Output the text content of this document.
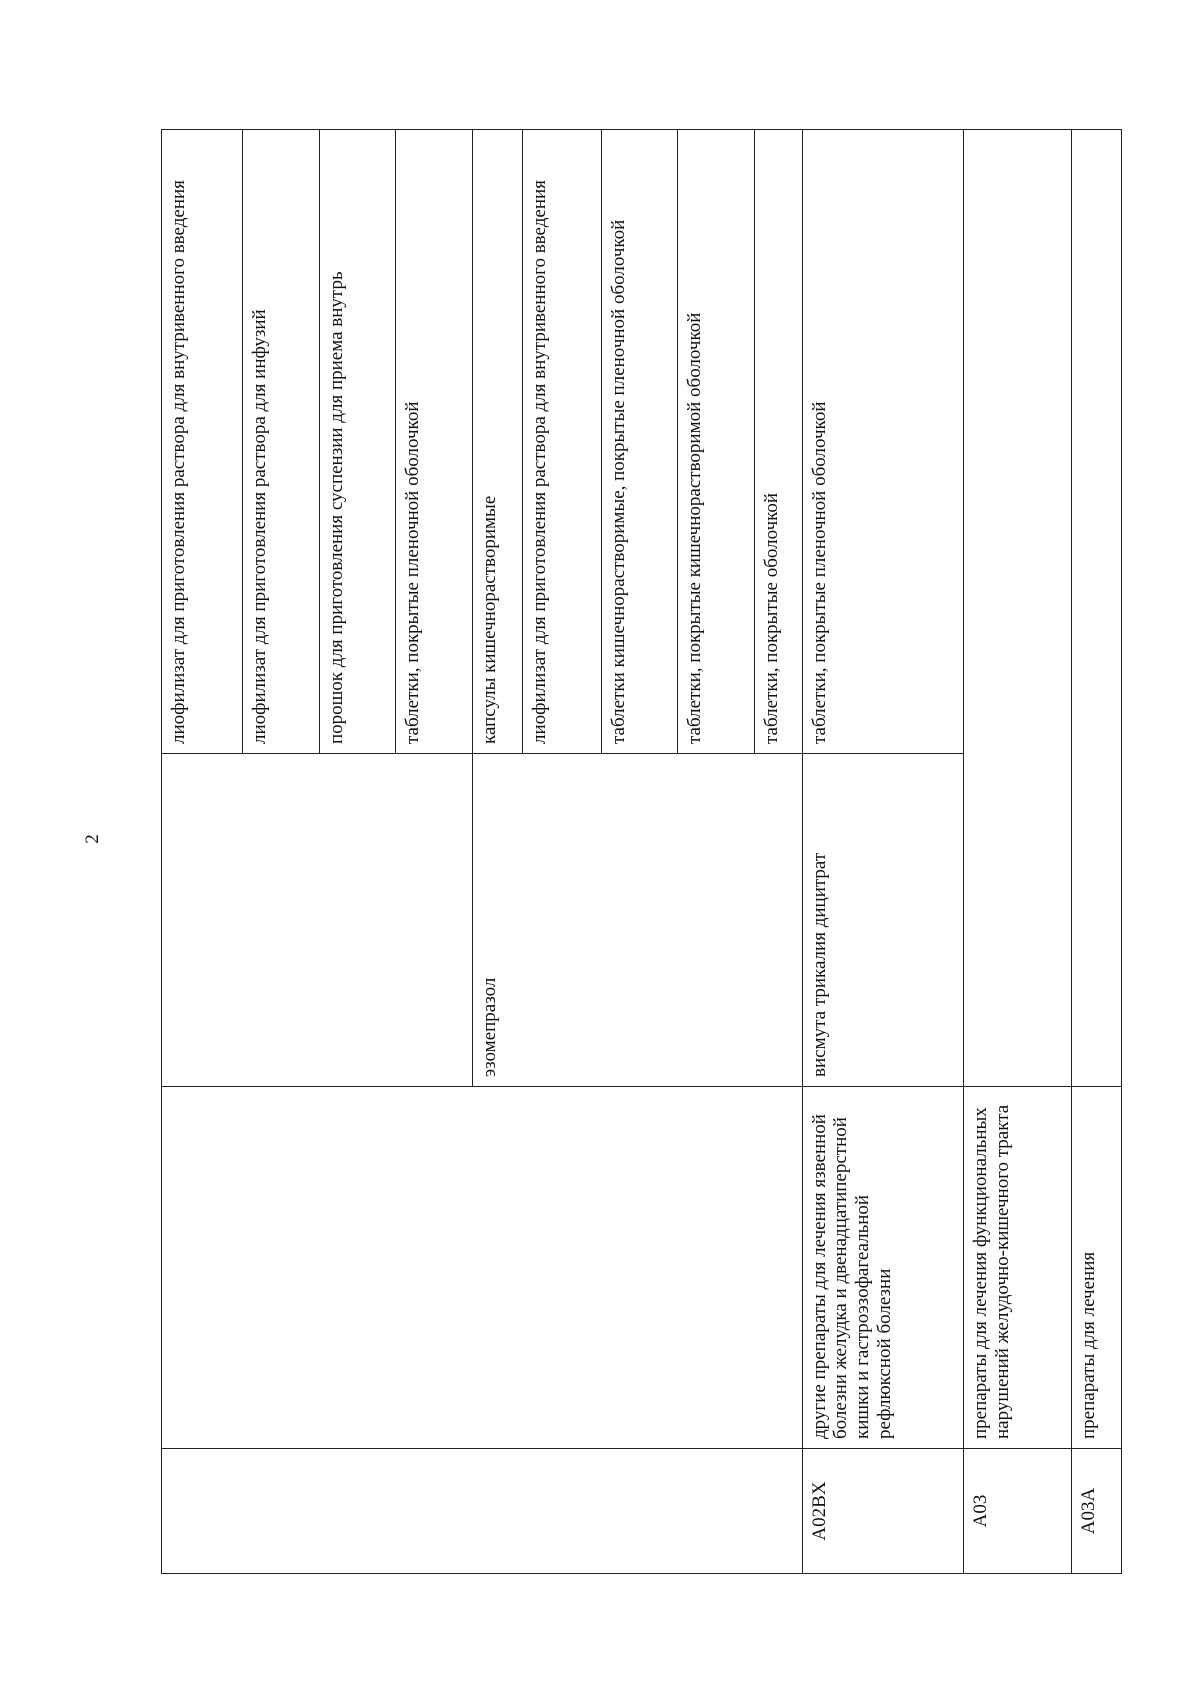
2
			лиофилизат для приготовления раствора для внутривенного введения
			лиофилизат для приготовления раствора для инфузий
			порошок для приготовления суспензии для приема внутрь
			таблетки, покрытые пленочной оболочкой
		эзомепразол	капсулы кишечнорастворимые
			лиофилизат для приготовления раствора для внутривенного введения
			таблетки кишечнорастворимые, покрытые пленочной оболочкой
			таблетки, покрытые кишечнорастворимой оболочкой
			таблетки, покрытые оболочкой
A02BX	другие препараты для лечения язвенной болезни желудка и двенадцатиперстной кишки и гастроэзофагеальной рефлюксной болезни	висмута трикалия дицитрат	таблетки, покрытые пленочной оболочкой
A03	препараты для лечения функциональных нарушений желудочно-кишечного тракта		
A03A	препараты для лечения		
